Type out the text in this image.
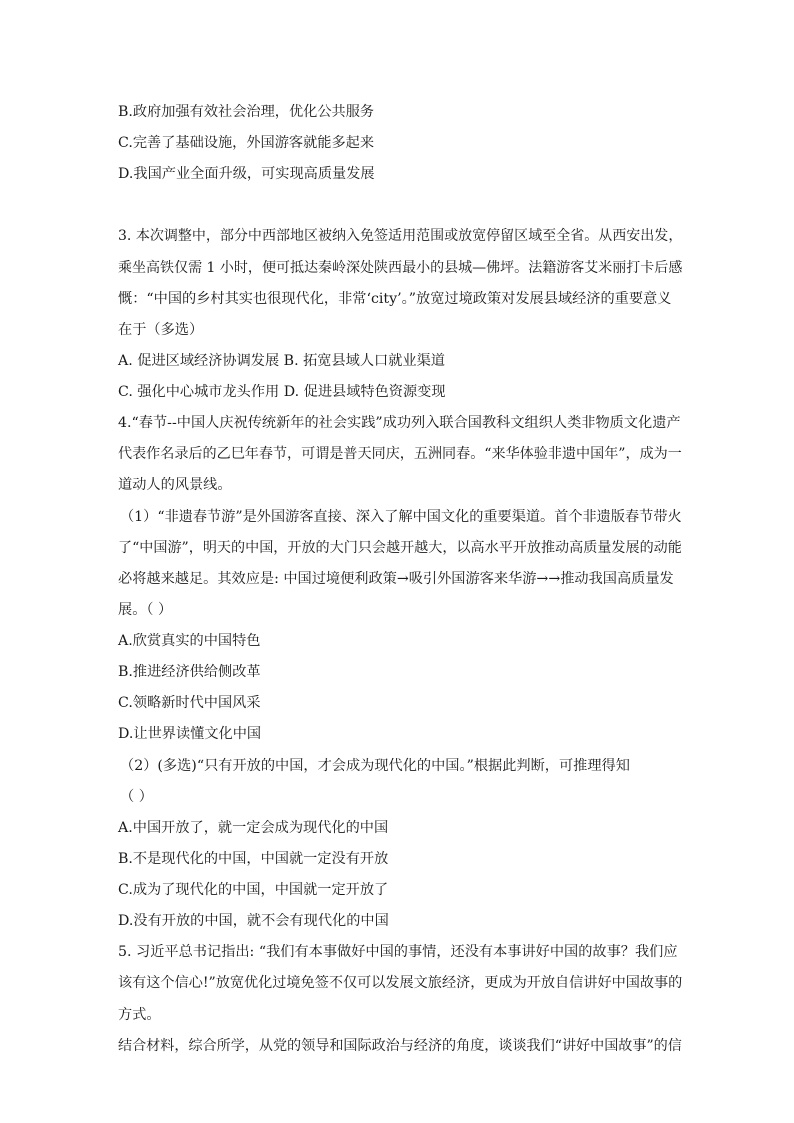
B.政府加强有效社会治理，优化公共服务
C.完善了基础设施，外国游客就能多起来
D.我国产业全面升级，可实现高质量发展
3. 本次调整中，部分中西部地区被纳入免签适用范围或放宽停留区域至全省。从西安出发，
乘坐高铁仅需 1 小时，便可抵达秦岭深处陕西最小的县城—佛坪。法籍游客艾米丽打卡后感
慨：“中国的乡村其实也很现代化，非常‘city’。”放宽过境政策对发展县域经济的重要意义
在于（多选）
A. 促进区域经济协调发展 B. 拓宽县域人口就业渠道
C. 强化中心城市龙头作用 D. 促进县域特色资源变现
4.“春节--中国人庆祝传统新年的社会实践”成功列入联合国教科文组织人类非物质文化遗产
代表作名录后的乙巳年春节，可谓是普天同庆，五洲同春。“来华体验非遗中国年”，成为一
道动人的风景线。
（1）“非遗春节游”是外国游客直接、深入了解中国文化的重要渠道。首个非遗版春节带火
了“中国游”，明天的中国，开放的大门只会越开越大，以高水平开放推动高质量发展的动能
必将越来越足。其效应是: 中国过境便利政策→吸引外国游客来华游→→推动我国高质量发
展。（ ）
A.欣赏真实的中国特色
B.推进经济供给侧改革
C.领略新时代中国风采
D.让世界读懂文化中国
（2）(多选)“只有开放的中国，才会成为现代化的中国。”根据此判断，可推理得知
（ ）
A.中国开放了，就一定会成为现代化的中国
B.不是现代化的中国，中国就一定没有开放
C.成为了现代化的中国，中国就一定开放了
D.没有开放的中国，就不会有现代化的中国
5. 习近平总书记指出: “我们有本事做好中国的事情，还没有本事讲好中国的故事？我们应
该有这个信心!”放宽优化过境免签不仅可以发展文旅经济，更成为开放自信讲好中国故事的
方式。
结合材料，综合所学，从党的领导和国际政治与经济的角度，谈谈我们“讲好中国故事”的信
